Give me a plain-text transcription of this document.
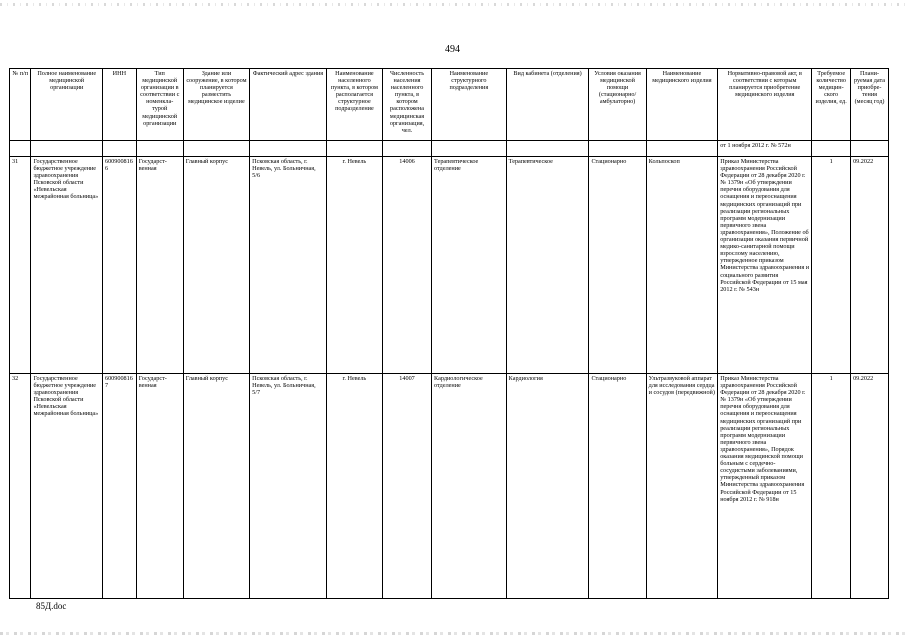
494
№ п/п	Полное наименование медицинской организации	ИНН	Тип медицинской организации в соответствии с номенкла-турой медицинской организации	Здание или сооружение, в котором планируется разместить медицинское изделие	Фактический адрес здания	Наименование населенного пункта, в котором располагается структурное подразделение	Численность населения населенного пункта, в котором расположена медицинская организация, чел.	Наименование структурного подразделения	Вид кабинета (отделения)	Условия оказания медицинской помощи (стационарно/ амбулаторно)	Наименование медицинского изделия	Нормативно-правовой акт, в соответствии с которым планируется приобретение медицинского изделия	Требуемое количество медицин-ского изделия, ед.	Плани-руемая дата приобре-тения (месяц год)
												от 1 ноября 2012 г. № 572н		
31	Государственное бюджетное учреждение здравоохранения Псковской области «Невельская межрайонная больница»	6009008166	Государст-венная	Главный корпус	Псковская область, г. Невель, ул. Больничная, 5/6	г. Невель	14006	Терапевтическое отделение	Терапевтическое	Стационарно	Кольпоскоп	Приказ Министерства здравоохранения Российской Федерации от 28 декабря 2020 г. № 1379н «Об утверждении перечня оборудования для оснащения и переоснащения медицинских организаций при реализации региональных программ модернизации первичного звена здравоохранения», Положение об организации оказания первичной медико-санитарной помощи взрослому населению, утвержденное приказом Министерства здравоохранения и социального развития Российской Федерации от 15 мая 2012 г. № 543н	1	09.2022
32	Государственное бюджетное учреждение здравоохранения Псковской области «Невельская межрайонная больница»	6009008167	Государст-венная	Главный корпус	Псковская область, г. Невель, ул. Больничная, 5/7	г. Невель	14007	Кардиологическое отделение	Кардиология	Стационарно	Ультразвуковой аппарат для исследования сердца и сосудов (передвижной)	Приказ Министерства здравоохранения Российской Федерации от 28 декабря 2020 г. № 1379н «Об утверждении перечня оборудования для оснащения и переоснащения медицинских организаций при реализации региональных программ модернизации первичного звена здравоохранения», Порядок оказания медицинской помощи больным с сердечно-сосудистыми заболеваниями, утвержденный приказом Министерства здравоохранения Российской Федерации от 15 ноября 2012 г. № 918н	1	09.2022
85Д.doc
